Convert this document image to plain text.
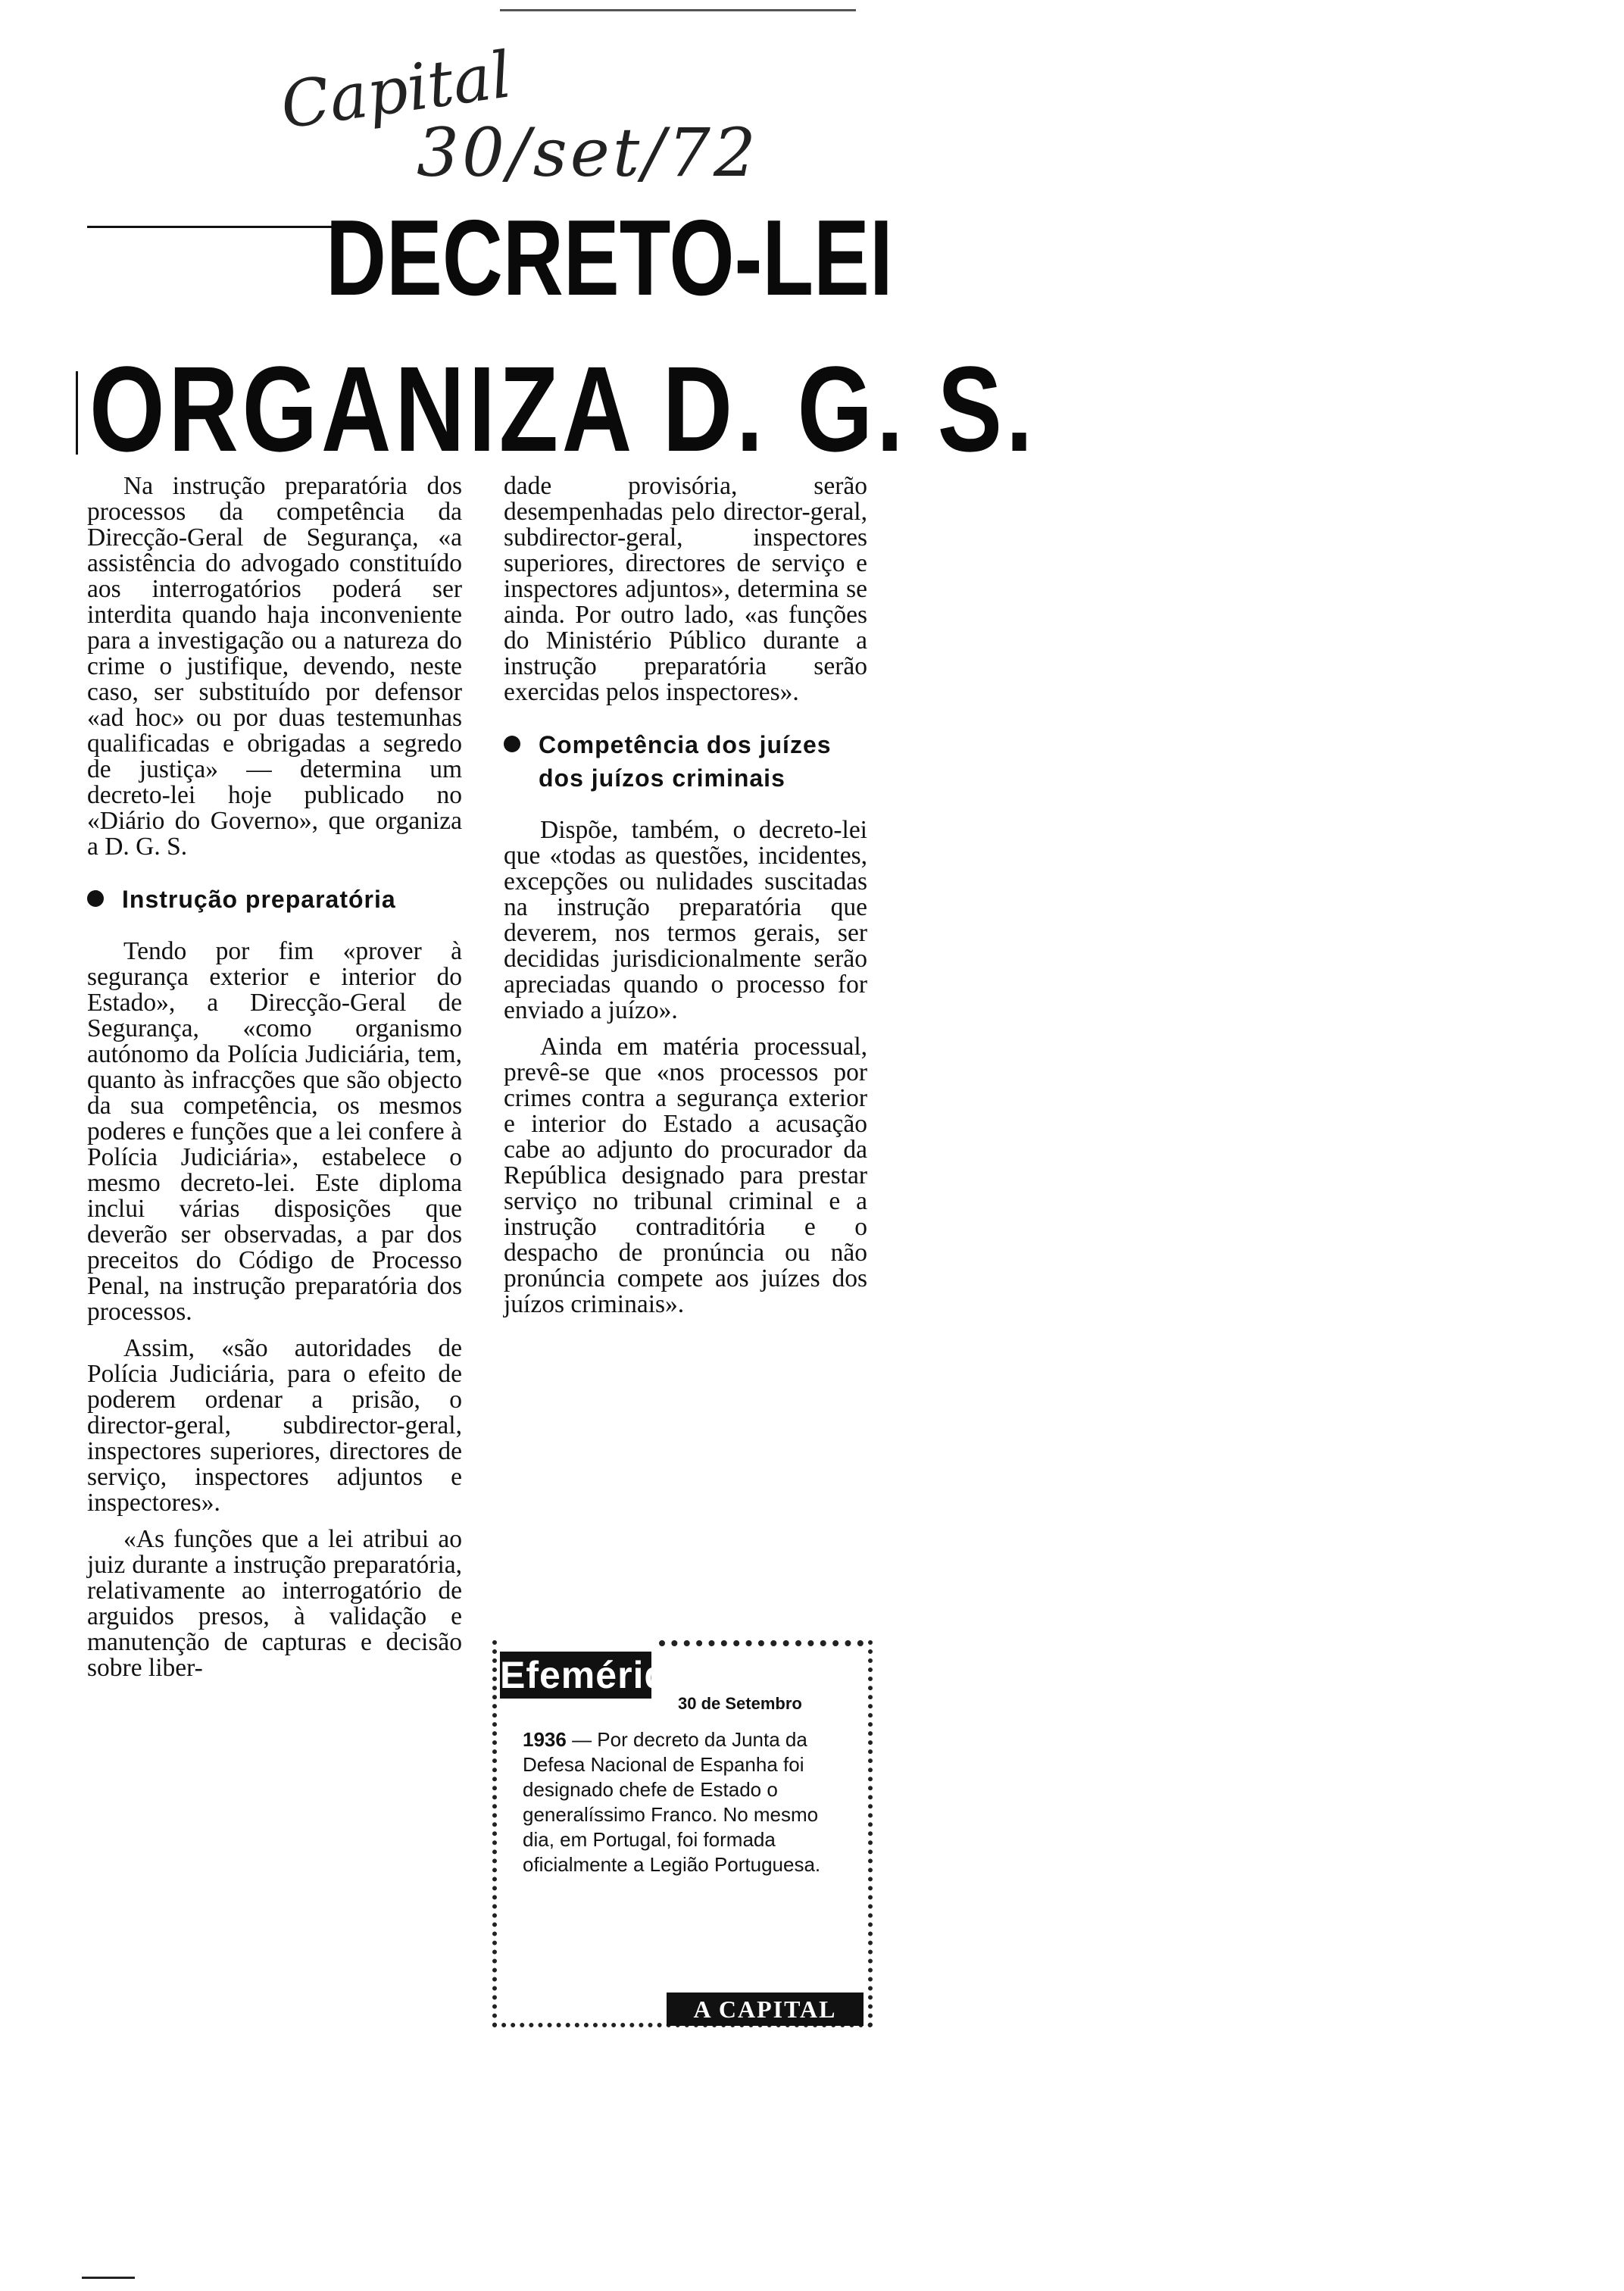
Capital
30/set/72
DECRETO-LEI
ORGANIZA D. G. S.

Na instrução preparatória dos processos da competência da Direcção-Geral de Segurança, «a assistência do advogado constituído aos interrogatórios poderá ser interdita quando haja inconveniente para a investigação ou a natureza do crime o justifique, devendo, neste caso, ser substituído por defensor «ad hoc» ou por duas testemunhas qualificadas e obrigadas a segredo de justiça» — determina um decreto-lei hoje publicado no «Diário do Governo», que organiza a D. G. S.

Instrução preparatória

Tendo por fim «prover à segurança exterior e interior do Estado», a Direcção-Geral de Segurança, «como organismo autónomo da Polícia Judiciária, tem, quanto às infracções que são objecto da sua competência, os mesmos poderes e funções que a lei confere à Polícia Judiciária», estabelece o mesmo decreto-lei. Este diploma inclui várias disposições que deverão ser observadas, a par dos preceitos do Código de Processo Penal, na instrução preparatória dos processos.

Assim, «são autoridades de Polícia Judiciária, para o efeito de poderem ordenar a prisão, o director-geral, subdirector-geral, inspectores superiores, directores de serviço, inspectores adjuntos e inspectores».

«As funções que a lei atribui ao juiz durante a instrução preparatória, relativamente ao interrogatório de arguidos presos, à validação e manutenção de capturas e decisão sobre liber-

dade provisória, serão desempenhadas pelo director-geral, subdirector-geral, inspectores superiores, directores de serviço e inspectores adjuntos», determina se ainda. Por outro lado, «as funções do Ministério Público durante a instrução preparatória serão exercidas pelos inspectores».

Competência dos juízes dos juízos criminais

Dispõe, também, o decreto-lei que «todas as questões, incidentes, excepções ou nulidades suscitadas na instrução preparatória que deverem, nos termos gerais, ser decididas jurisdicionalmente serão apreciadas quando o processo for enviado a juízo».

Ainda em matéria processual, prevê-se que «nos processos por crimes contra a segurança exterior e interior do Estado a acusação cabe ao adjunto do procurador da República designado para prestar serviço no tribunal criminal e a instrução contraditória e o despacho de pronúncia ou não pronúncia compete aos juízes dos juízos criminais».

Efeméride
30 de Setembro
1936 — Por decreto da Junta da Defesa Nacional de Espanha foi designado chefe de Estado o generalíssimo Franco. No mesmo dia, em Portugal, foi formada oficialmente a Legião Portuguesa.
A CAPITAL
